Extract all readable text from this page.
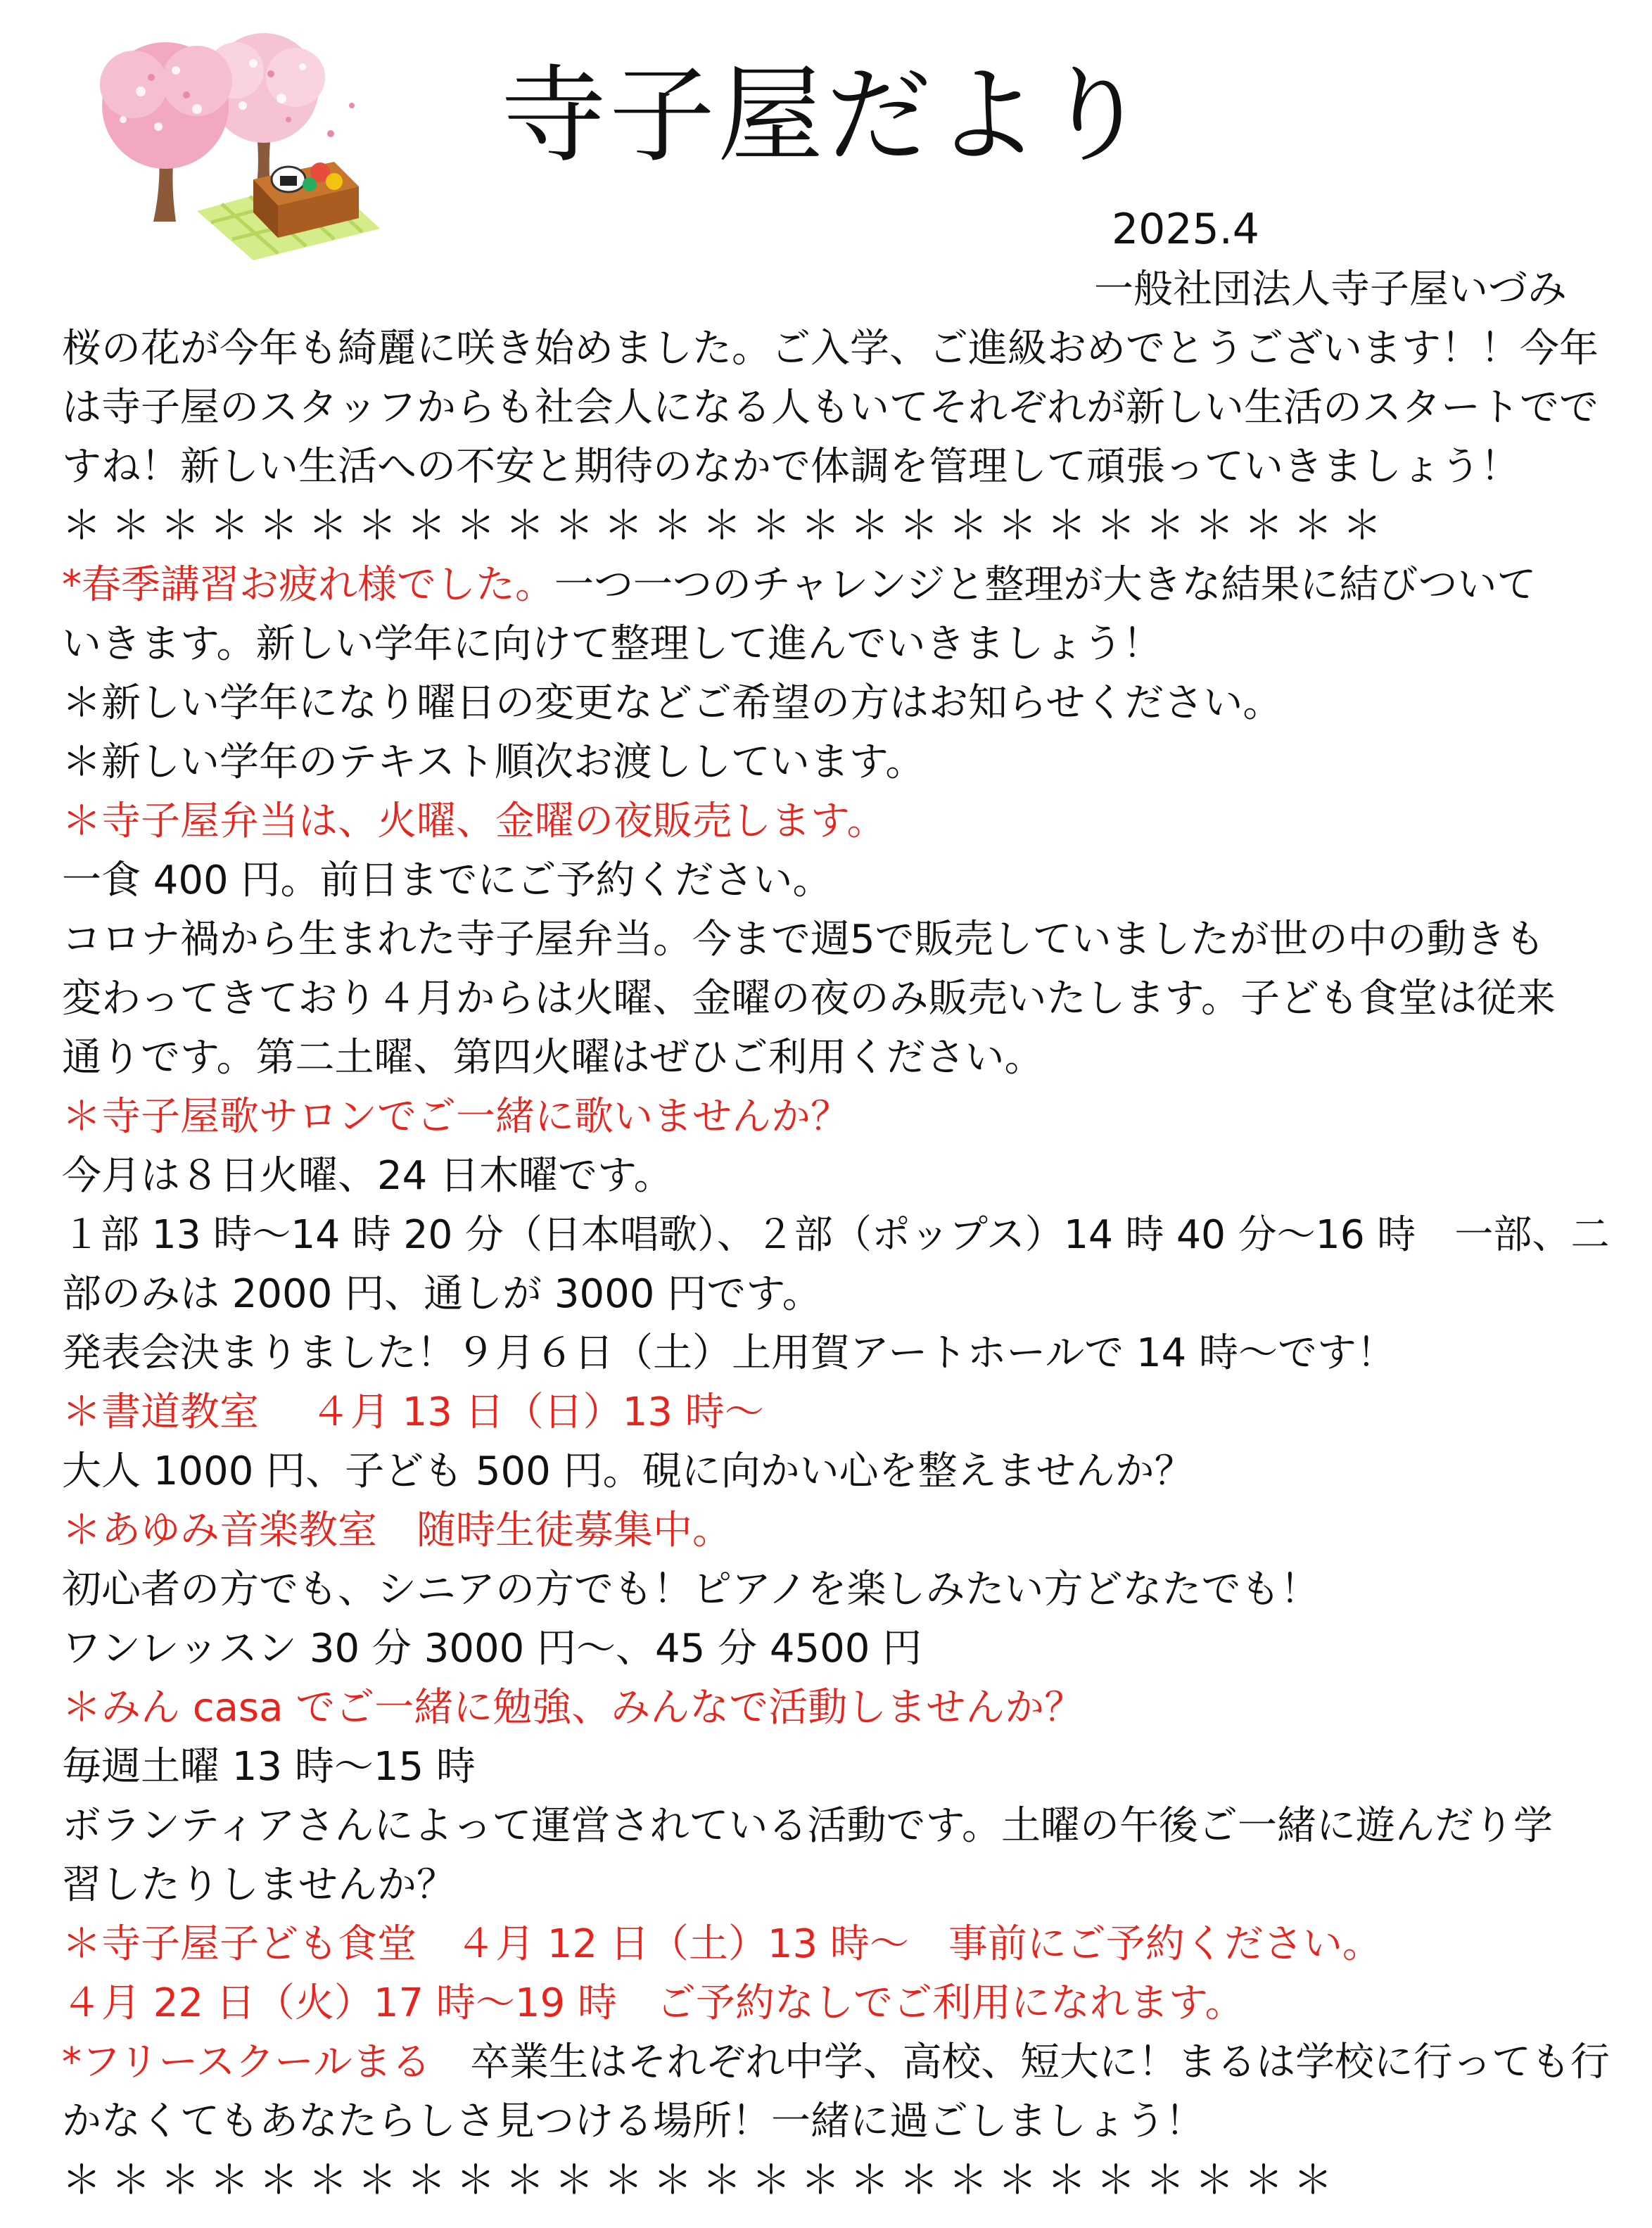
寺子屋だより
2025.4
一般社団法人寺子屋いづみ
桜の花が今年も綺麗に咲き始めました。ご入学、ご進級おめでとうございます！！今年
は寺子屋のスタッフからも社会人になる人もいてそれぞれが新しい生活のスタートでで
すね！新しい生活への不安と期待のなかで体調を管理して頑張っていきましょう！
＊＊＊＊＊＊＊＊＊＊＊＊＊＊＊＊＊＊＊＊＊＊＊＊＊＊＊
*春季講習お疲れ様でした。一つ一つのチャレンジと整理が大きな結果に結びついて
いきます。新しい学年に向けて整理して進んでいきましょう！
＊新しい学年になり曜日の変更などご希望の方はお知らせください。
＊新しい学年のテキスト順次お渡ししています。
＊寺子屋弁当は、火曜、金曜の夜販売します。
一食 400 円。前日までにご予約ください。
コロナ禍から生まれた寺子屋弁当。今まで週5で販売していましたが世の中の動きも
変わってきており４月からは火曜、金曜の夜のみ販売いたします。子ども食堂は従来
通りです。第二土曜、第四火曜はぜひご利用ください。
＊寺子屋歌サロンでご一緒に歌いませんか？
今月は８日火曜、24 日木曜です。
１部 13 時～14 時 20 分（日本唱歌）、２部（ポップス）14 時 40 分～16 時　一部、二
部のみは 2000 円、通しが 3000 円です。
発表会決まりました！９月６日（土）上用賀アートホールで 14 時～です！
＊書道教室　 ４月 13 日（日）13 時～
大人 1000 円、子ども 500 円。硯に向かい心を整えませんか？
＊あゆみ音楽教室　随時生徒募集中。
初心者の方でも、シニアの方でも！ピアノを楽しみたい方どなたでも！
ワンレッスン 30 分 3000 円～、45 分 4500 円
＊みん casa でご一緒に勉強、みんなで活動しませんか？
毎週土曜 13 時～15 時
ボランティアさんによって運営されている活動です。土曜の午後ご一緒に遊んだり学
習したりしませんか？
＊寺子屋子ども食堂　４月 12 日（土）13 時～　事前にご予約ください。
４月 22 日（火）17 時～19 時　ご予約なしでご利用になれます。
*フリースクールまる　卒業生はそれぞれ中学、高校、短大に！まるは学校に行っても行
かなくてもあなたらしさ見つける場所！一緒に過ごしましょう！
＊＊＊＊＊＊＊＊＊＊＊＊＊＊＊＊＊＊＊＊＊＊＊＊＊＊
